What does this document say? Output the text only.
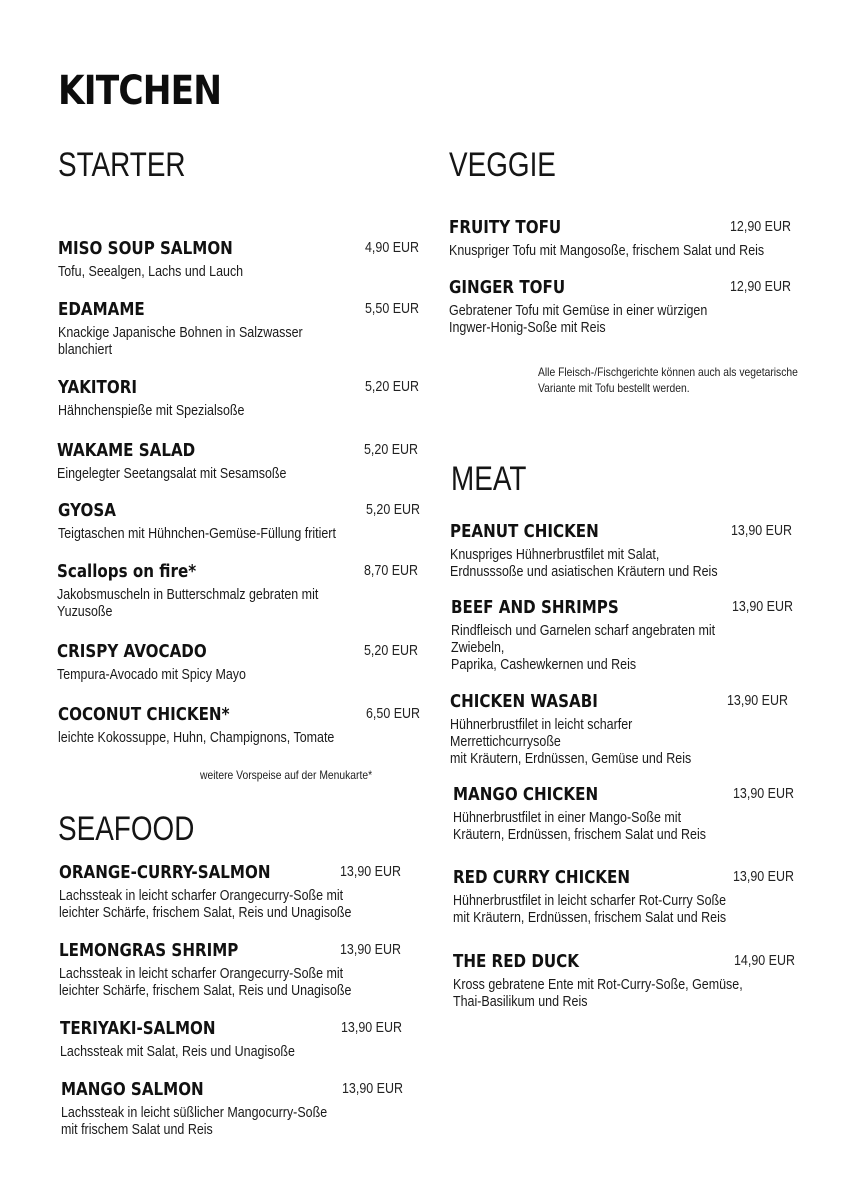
KITCHEN
STARTER
MISO SOUP SALMON	4,90 EUR
Tofu, Seealgen, Lachs und Lauch
EDAMAME	5,50 EUR
Knackige Japanische Bohnen in Salzwasser
blanchiert
YAKITORI	5,20 EUR
Hähnchenspieße mit Spezialsoße
WAKAME SALAD	5,20 EUR
Eingelegter Seetangsalat mit Sesamsoße
GYOSA	5,20 EUR
Teigtaschen mit Hühnchen-Gemüse-Füllung fritiert
Scallops on fire*	8,70 EUR
Jakobsmuscheln in Butterschmalz gebraten mit
Yuzusoße
CRISPY AVOCADO	5,20 EUR
Tempura-Avocado mit Spicy Mayo
COCONUT CHICKEN*	6,50 EUR
leichte Kokossuppe, Huhn, Champignons, Tomate
weitere Vorspeise auf der Menukarte*
SEAFOOD
ORANGE-CURRY-SALMON	13,90 EUR
Lachssteak in leicht scharfer Orangecurry-Soße mit
leichter Schärfe, frischem Salat, Reis und Unagisoße
LEMONGRAS SHRIMP	13,90 EUR
Lachssteak in leicht scharfer Orangecurry-Soße mit
leichter Schärfe, frischem Salat, Reis und Unagisoße
TERIYAKI-SALMON	13,90 EUR
Lachssteak mit Salat, Reis und Unagisoße
MANGO SALMON	13,90 EUR
Lachssteak in leicht süßlicher Mangocurry-Soße
mit frischem Salat und Reis
VEGGIE
FRUITY TOFU	12,90 EUR
Knuspriger Tofu mit Mangosoße, frischem Salat und Reis
GINGER TOFU	12,90 EUR
Gebratener Tofu mit Gemüse in einer würzigen
Ingwer-Honig-Soße mit Reis
Alle Fleisch-/Fischgerichte können auch als vegetarische
Variante mit Tofu bestellt werden.
MEAT
PEANUT CHICKEN	13,90 EUR
Knuspriges Hühnerbrustfilet mit Salat,
Erdnusssoße und asiatischen Kräutern und Reis
BEEF AND SHRIMPS	13,90 EUR
Rindfleisch und Garnelen scharf angebraten mit
Zwiebeln,
Paprika, Cashewkernen und Reis
CHICKEN WASABI	13,90 EUR
Hühnerbrustfilet in leicht scharfer
Merrettichcurrysoße
mit Kräutern, Erdnüssen, Gemüse und Reis
MANGO CHICKEN	13,90 EUR
Hühnerbrustfilet in einer Mango-Soße mit
Kräutern, Erdnüssen, frischem Salat und Reis
RED CURRY CHICKEN	13,90 EUR
Hühnerbrustfilet in leicht scharfer Rot-Curry Soße
mit Kräutern, Erdnüssen, frischem Salat und Reis
THE RED DUCK	14,90 EUR
Kross gebratene Ente mit Rot-Curry-Soße, Gemüse,
Thai-Basilikum und Reis
